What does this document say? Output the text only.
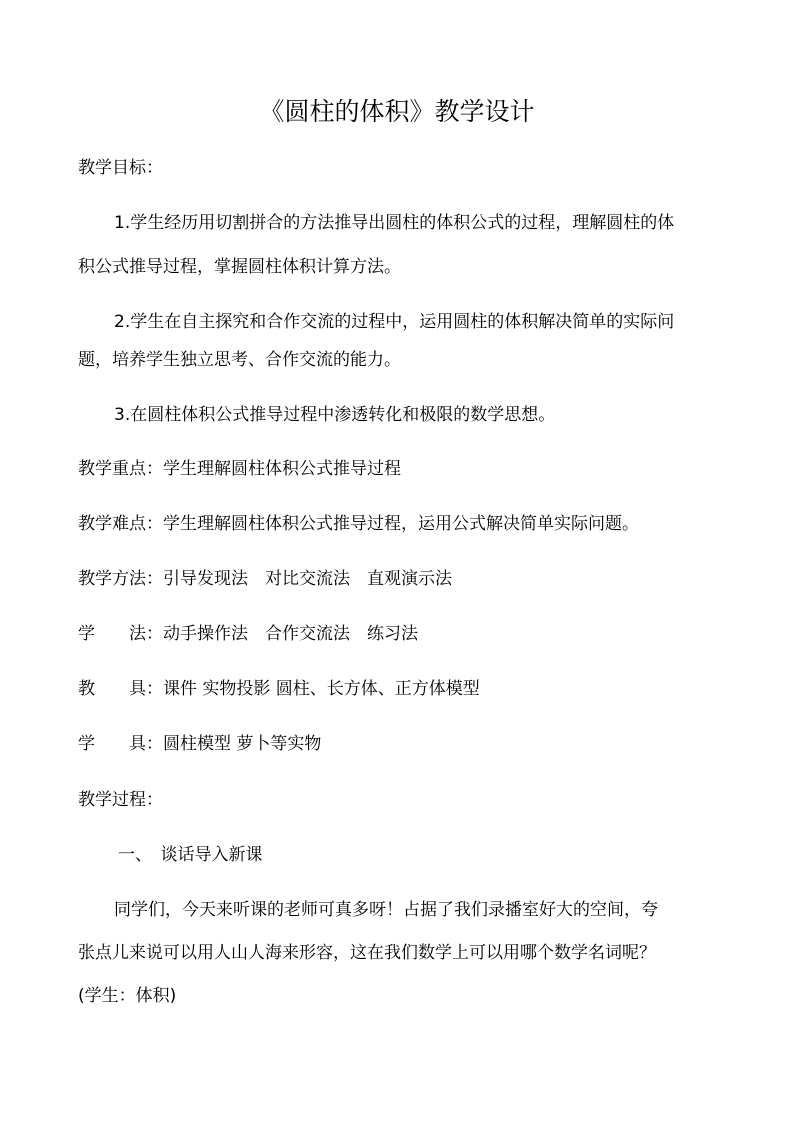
《圆柱的体积》教学设计
教学目标：
1.学生经历用切割拼合的方法推导出圆柱的体积公式的过程，理解圆柱的体
积公式推导过程，掌握圆柱体积计算方法。
2.学生在自主探究和合作交流的过程中，运用圆柱的体积解决简单的实际问
题，培养学生独立思考、合作交流的能力。
3.在圆柱体积公式推导过程中渗透转化和极限的数学思想。
教学重点：学生理解圆柱体积公式推导过程
教学难点：学生理解圆柱体积公式推导过程，运用公式解决简单实际问题。
教学方法：引导发现法　对比交流法　直观演示法
学　　法：动手操作法　合作交流法　练习法
教　　具：课件 实物投影 圆柱、长方体、正方体模型
学　　具：圆柱模型 萝卜等实物
教学过程：
一、　谈话导入新课
同学们，今天来听课的老师可真多呀！占据了我们录播室好大的空间，夸
张点儿来说可以用人山人海来形容，这在我们数学上可以用哪个数学名词呢？
(学生：体积)
